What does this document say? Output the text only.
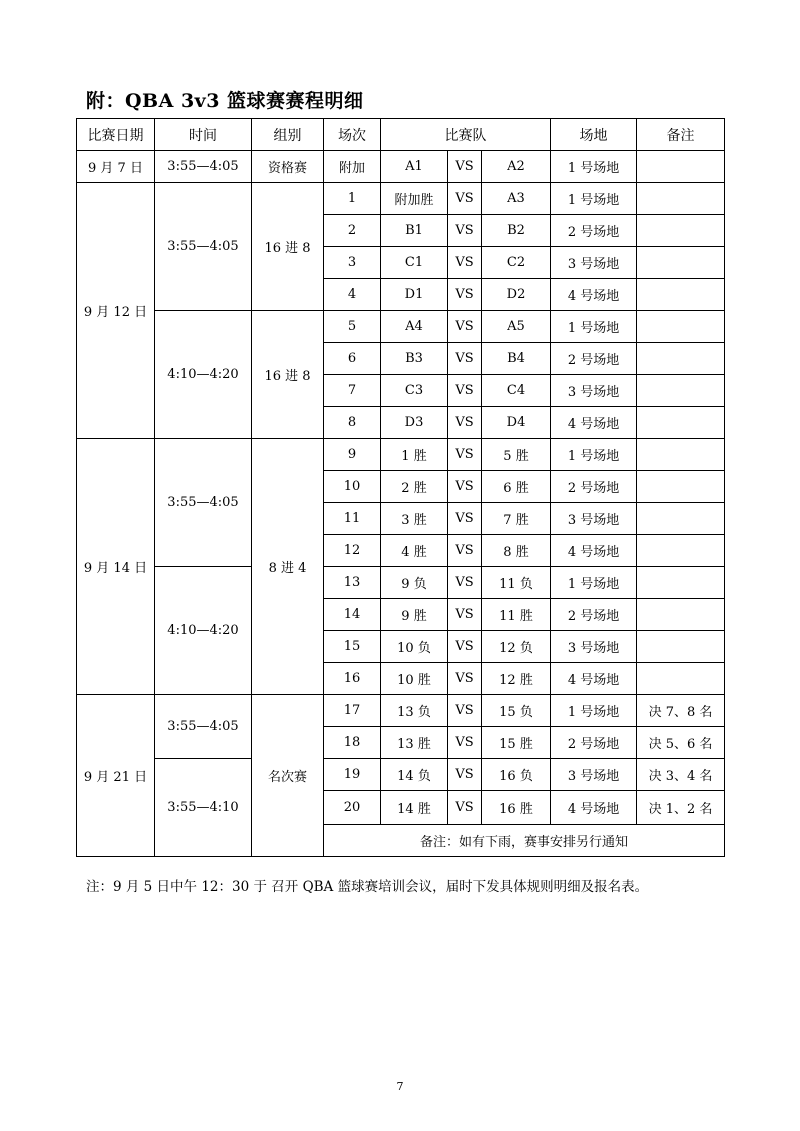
附：QBA 3v3 篮球赛赛程明细
比赛日期	时间	组别	场次	比赛队			场地	备注
9 月 7 日	3:55—4:05	资格赛	附加	A1	VS	A2	1 号场地	
9 月 12 日	3:55—4:05	16 进 8	1	附加胜	VS	A3	1 号场地	
			2	B1	VS	B2	2 号场地	
			3	C1	VS	C2	3 号场地	
			4	D1	VS	D2	4 号场地	
	4:10—4:20	16 进 8	5	A4	VS	A5	1 号场地	
			6	B3	VS	B4	2 号场地	
			7	C3	VS	C4	3 号场地	
			8	D3	VS	D4	4 号场地	
9 月 14 日	3:55—4:05	8 进 4	9	1 胜	VS	5 胜	1 号场地	
			10	2 胜	VS	6 胜	2 号场地	
			11	3 胜	VS	7 胜	3 号场地	
			12	4 胜	VS	8 胜	4 号场地	
	4:10—4:20		13	9 负	VS	11 负	1 号场地	
			14	9 胜	VS	11 胜	2 号场地	
			15	10 负	VS	12 负	3 号场地	
			16	10 胜	VS	12 胜	4 号场地	
9 月 21 日	3:55—4:05	名次赛	17	13 负	VS	15 负	1 号场地	决 7、8 名
			18	13 胜	VS	15 胜	2 号场地	决 5、6 名
	3:55—4:10		19	14 负	VS	16 负	3 号场地	决 3、4 名
			20	14 胜	VS	16 胜	4 号场地	决 1、2 名
			备注：如有下雨，赛事安排另行通知					
注：9 月 5 日中午 12：30 于 召开 QBA 篮球赛培训会议，届时下发具体规则明细及报名表。
7
